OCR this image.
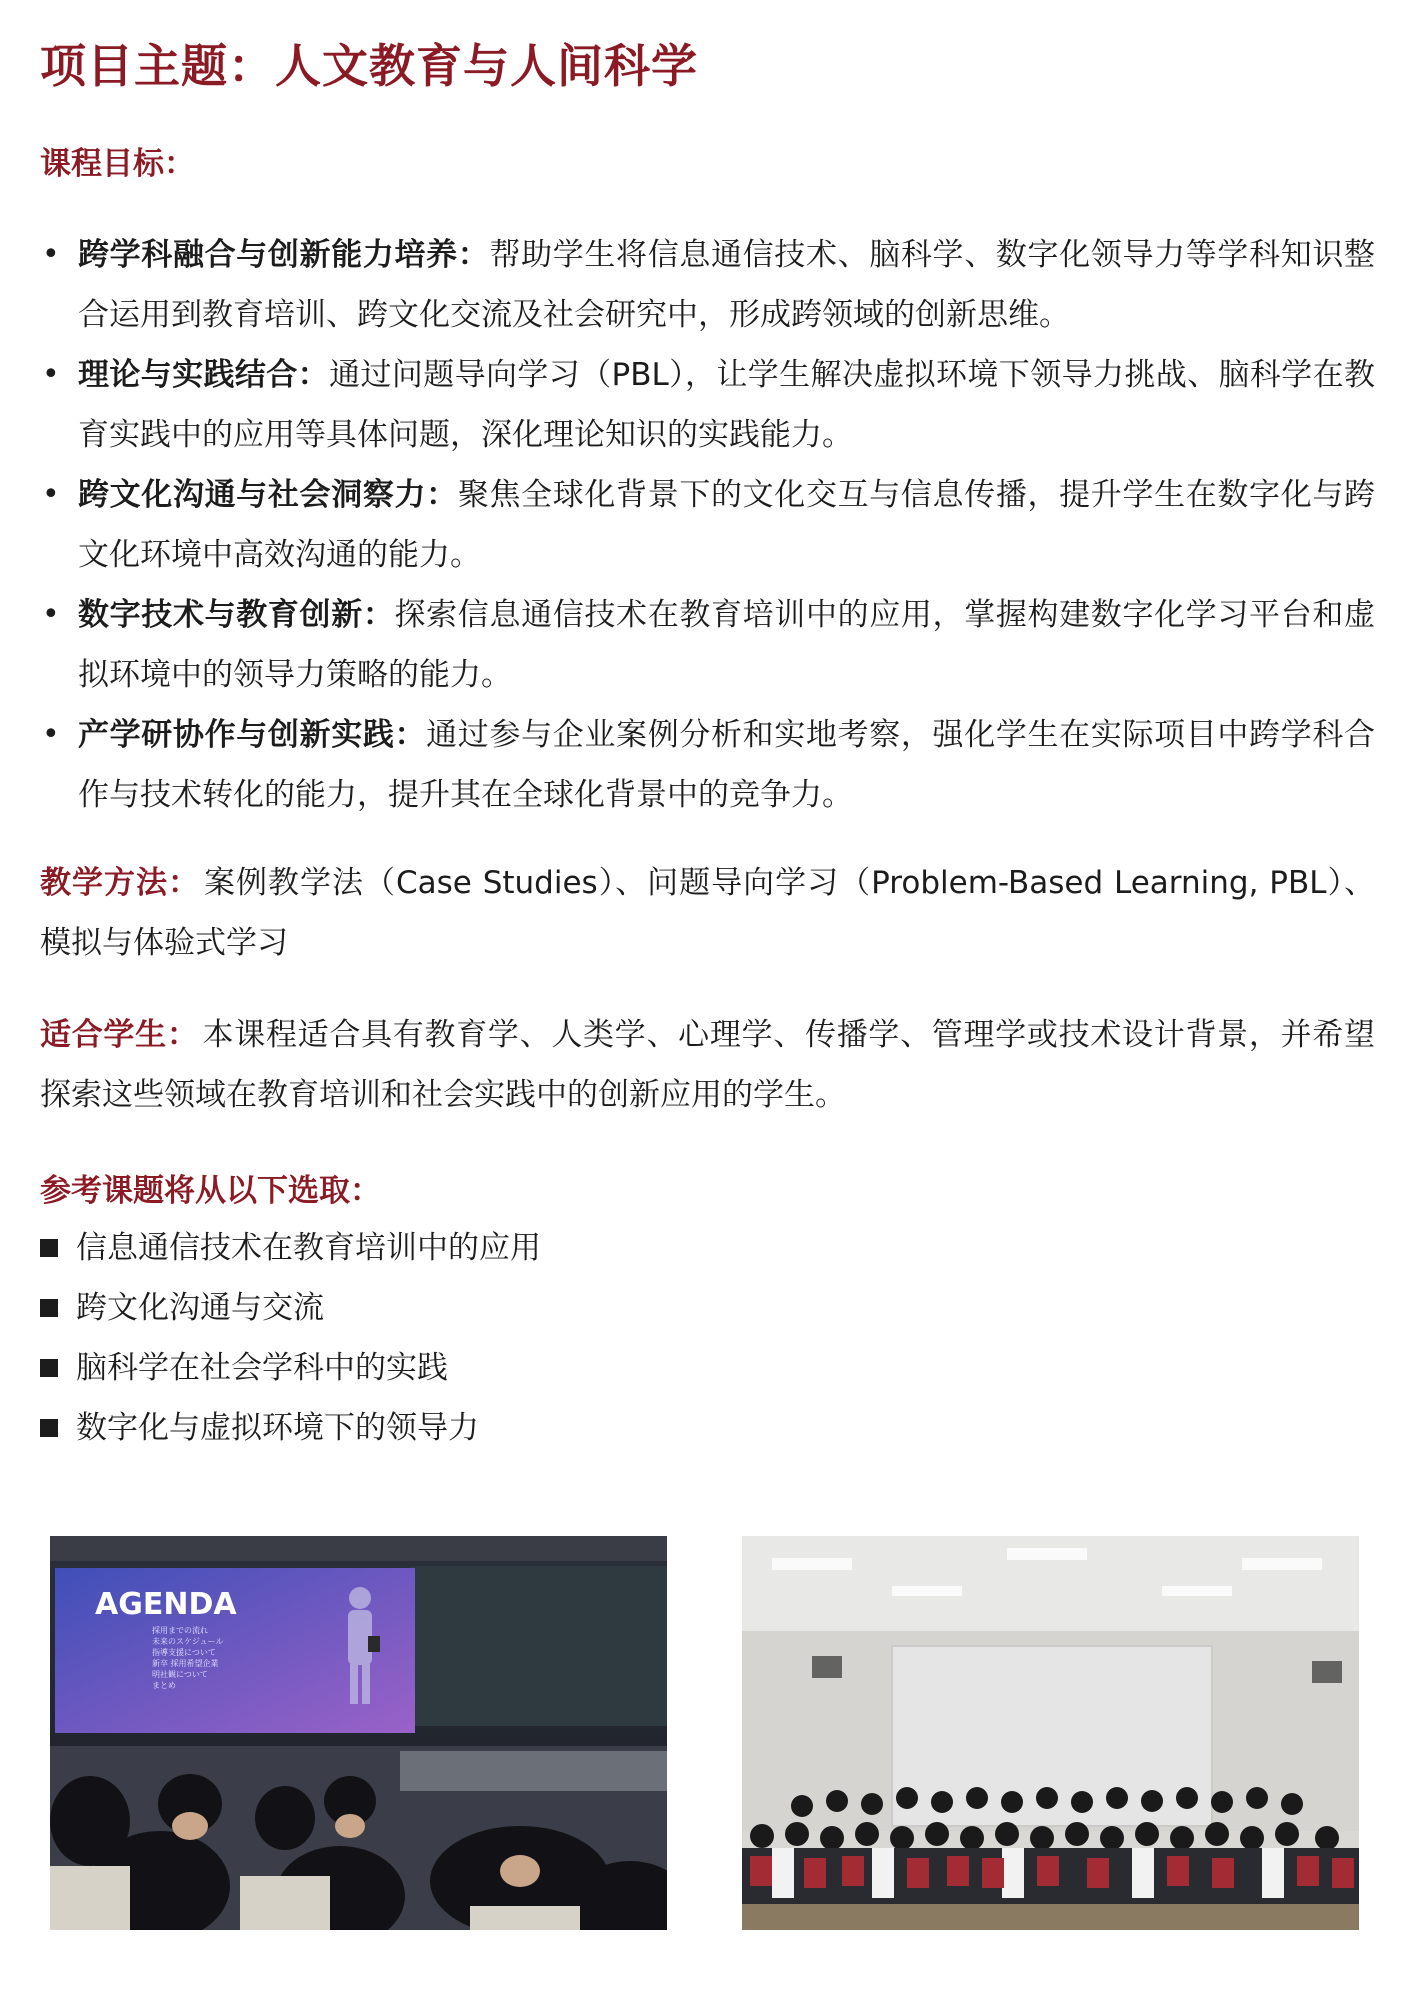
项目主题：人文教育与人间科学
课程目标：
• 跨学科融合与创新能力培养：帮助学生将信息通信技术、脑科学、数字化领导力等学科知识整合运用到教育培训、跨文化交流及社会研究中，形成跨领域的创新思维。
• 理论与实践结合：通过问题导向学习（PBL），让学生解决虚拟环境下领导力挑战、脑科学在教育实践中的应用等具体问题，深化理论知识的实践能力。
• 跨文化沟通与社会洞察力：聚焦全球化背景下的文化交互与信息传播，提升学生在数字化与跨文化环境中高效沟通的能力。
• 数字技术与教育创新：探索信息通信技术在教育培训中的应用，掌握构建数字化学习平台和虚拟环境中的领导力策略的能力。
• 产学研协作与创新实践：通过参与企业案例分析和实地考察，强化学生在实际项目中跨学科合作与技术转化的能力，提升其在全球化背景中的竞争力。

教学方法： 案例教学法（Case Studies）、问题导向学习（Problem-Based Learning, PBL）、模拟与体验式学习

适合学生： 本课程适合具有教育学、人类学、心理学、传播学、管理学或技术设计背景，并希望探索这些领域在教育培训和社会实践中的创新应用的学生。

参考课题将从以下选取：
信息通信技术在教育培训中的应用
跨文化沟通与交流
脑科学在社会学科中的实践
数字化与虚拟环境下的领导力
AGENDA
採用までの流れ
未来のスケジュール
指導支援について
新卒 採用希望企業
明社観について
まとめ
